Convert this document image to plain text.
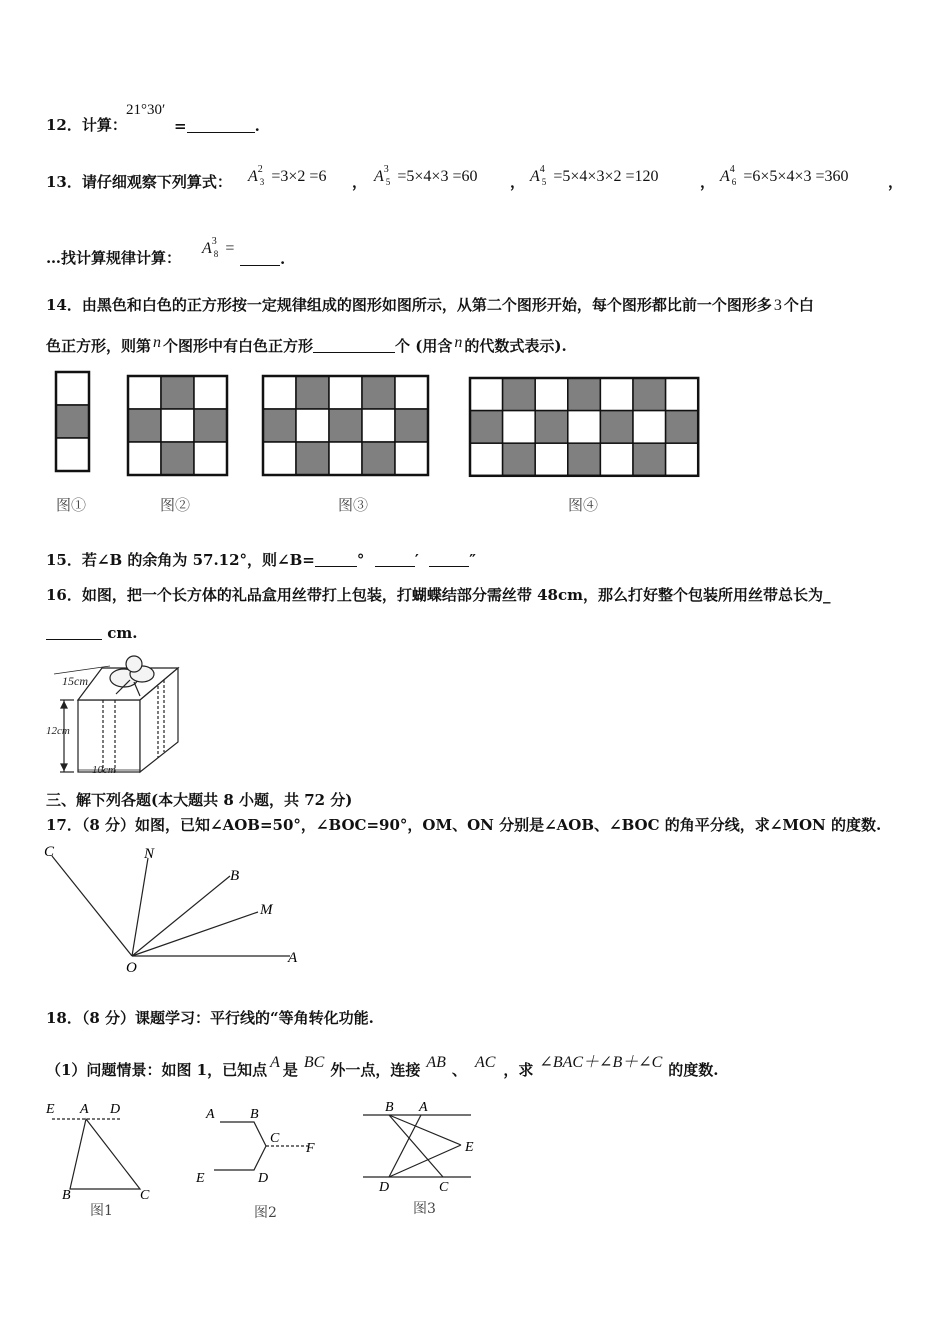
12．计算：
21°30′
=	.
13．请仔细观察下列算式： $A^2_3 =3\times 2 =6$ ， $A^3_5 =5\times 4\times 3 =60$ ， $A^4_5 =5\times 4\times 3\times 2 =120$	， $A^4_6 =6\times 5\times 4\times 3 =360$	，
…找计算规律计算：
$A^3_8$ =
.
14．由黑色和白色的正方形按一定规律组成的图形如图所示，从第二个图形开始，每个图形都比前一个图形多 3 个白
色正方形，则第 n 个图形中有白色正方形	个 (用含 n 的代数式表示).
图①	图②	图③	图④
15．若∠B 的余角为 57.12°，则∠B=	°	′	″
16．如图，把一个长方体的礼品盒用丝带打上包装，打蝴蝶结部分需丝带 48cm，那么打好整个包装所用丝带总长为_
cm.
15cm
12cm
10cm
三、解下列各题(本大题共 8 小题，共 72 分)
17．（8 分）如图，已知∠AOB=50°，∠BOC=90°，OM、ON 分别是∠AOB、∠BOC 的角平分线，求∠MON 的度数.
C	N
B
M
O
A
18．（8 分）课题学习：平行线的“等角转化功能.
（1）问题情景：如图 1，已知点 A 是 BC 外一点，连接 AB 、 AC ，求 ∠BAC＋∠B＋∠C 的度数.
E A D
B	C
图1
A	B
C
F
E	D
图2
B A
E
D	C
图3
